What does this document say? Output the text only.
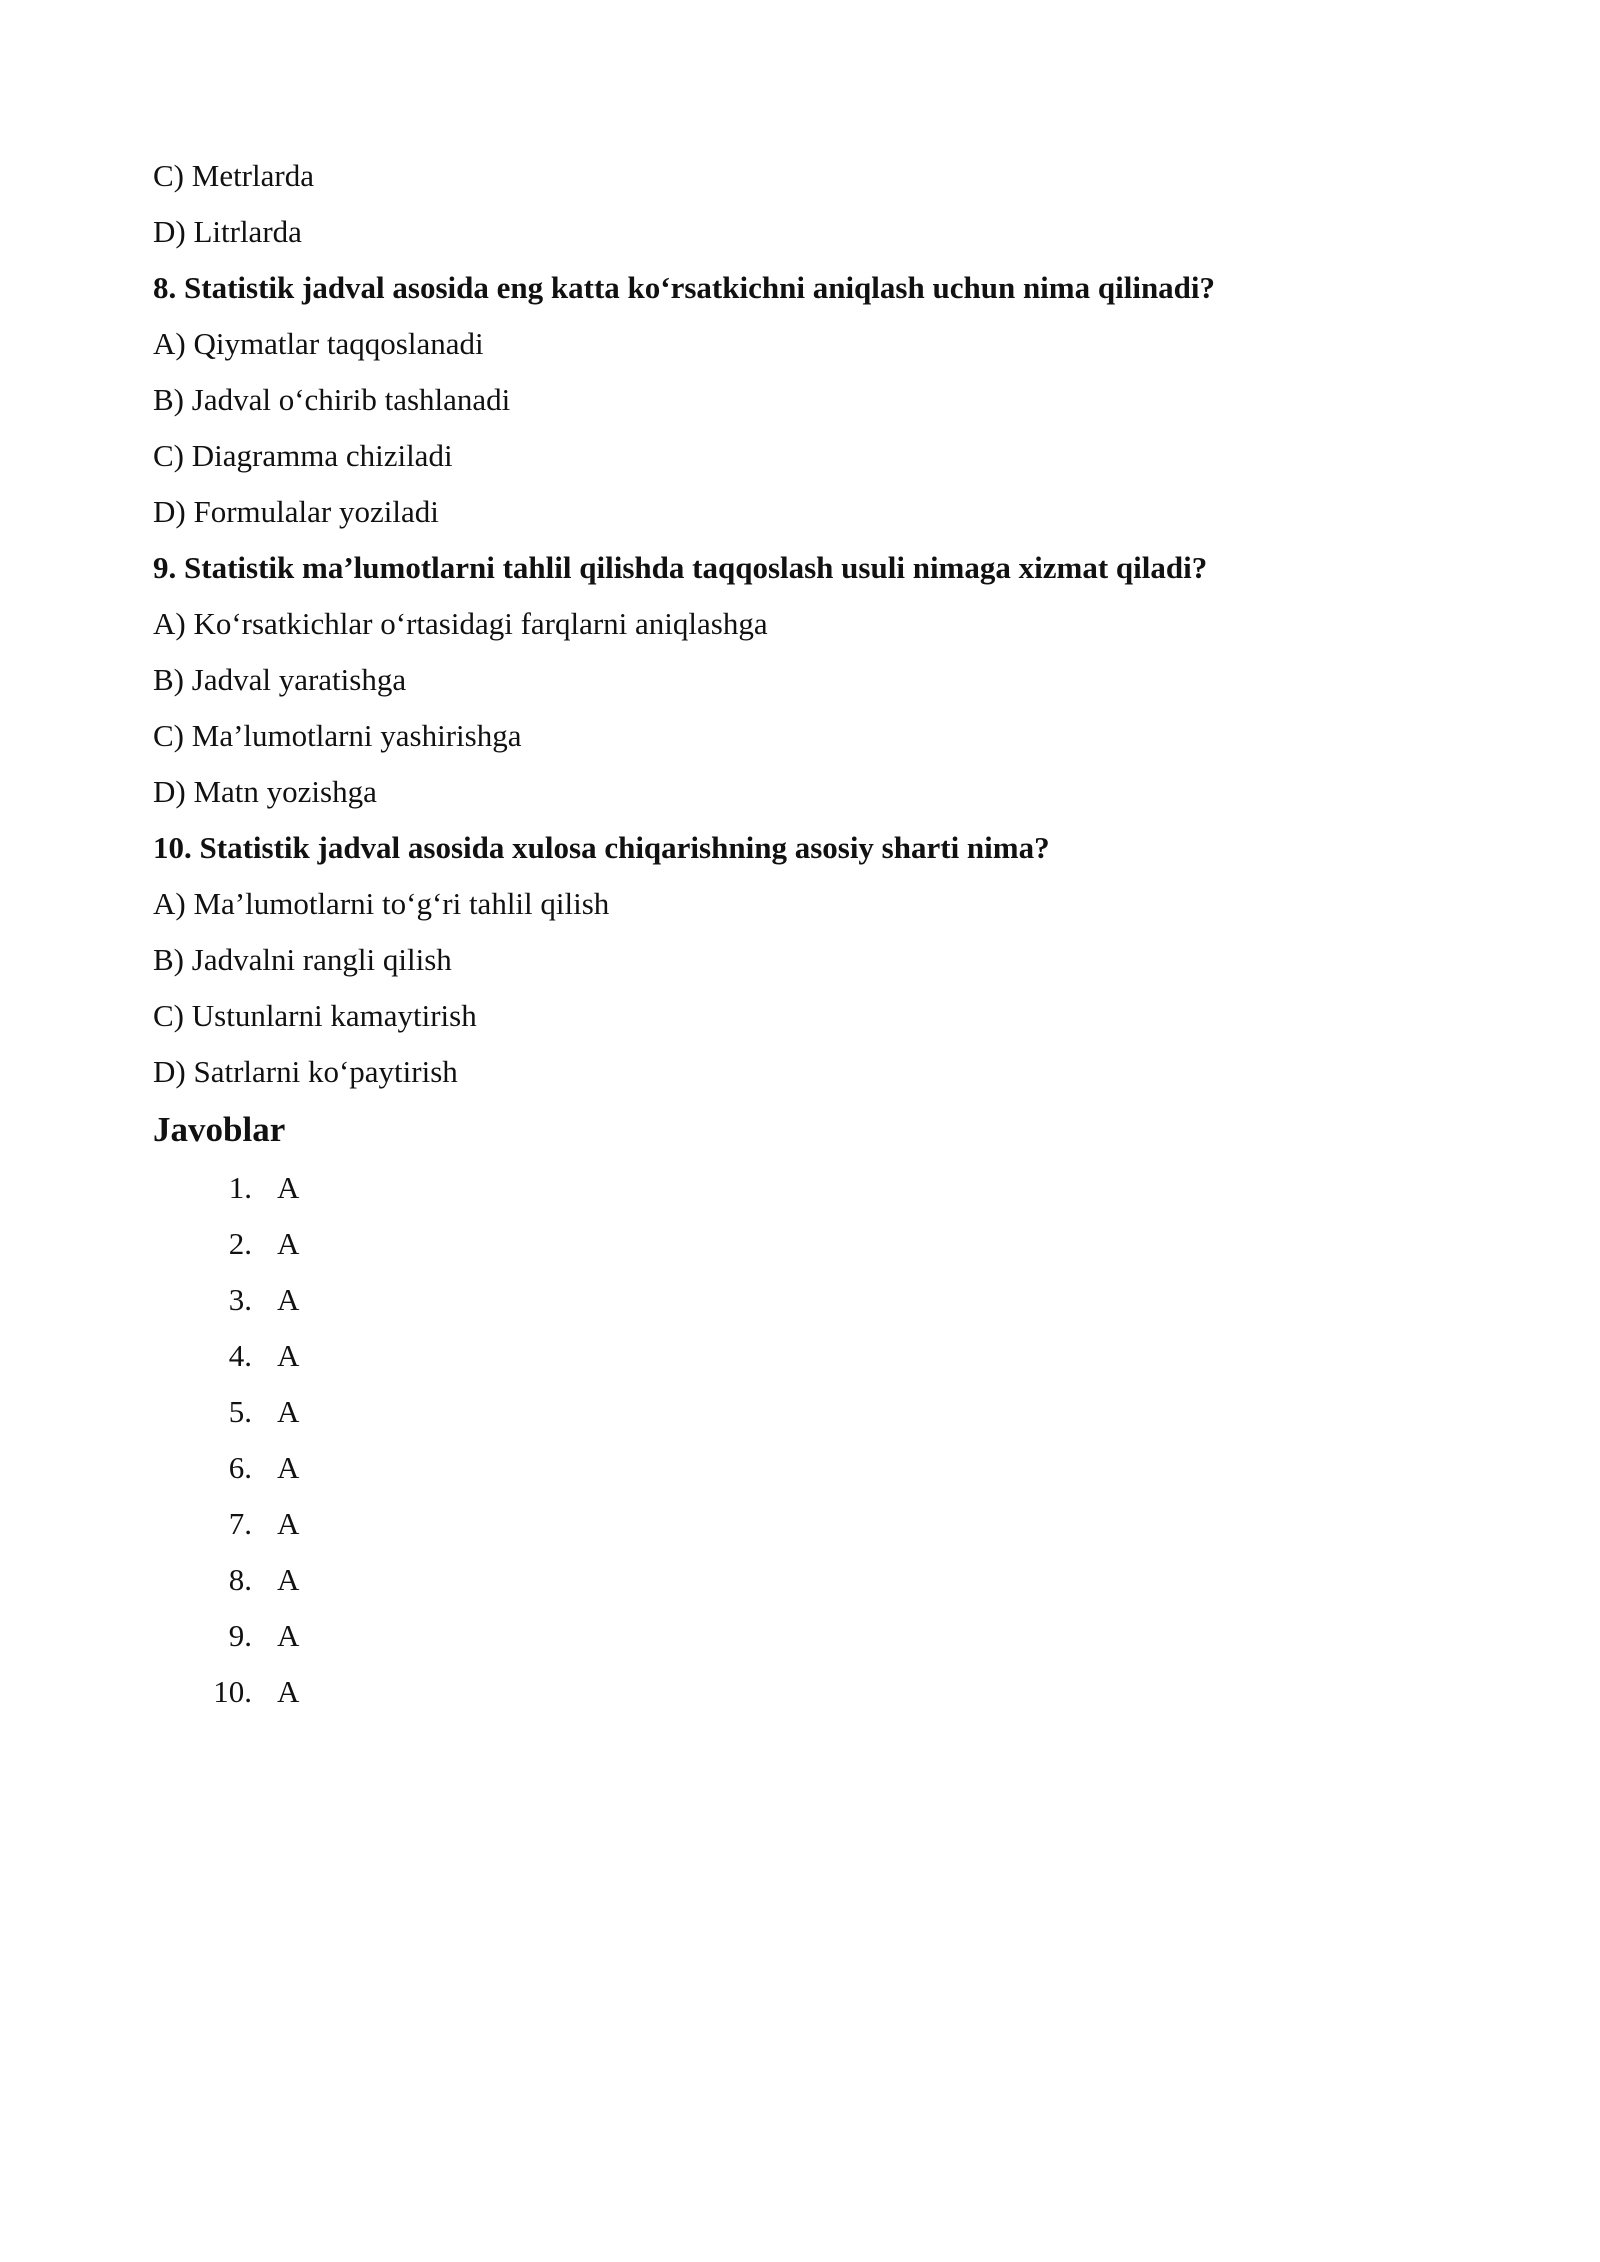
C) Metrlarda
D) Litrlarda
8. Statistik jadval asosida eng katta ko‘rsatkichni aniqlash uchun nima qilinadi?
A) Qiymatlar taqqoslanadi
B) Jadval o‘chirib tashlanadi
C) Diagramma chiziladi
D) Formulalar yoziladi
9. Statistik ma’lumotlarni tahlil qilishda taqqoslash usuli nimaga xizmat qiladi?
A) Ko‘rsatkichlar o‘rtasidagi farqlarni aniqlashga
B) Jadval yaratishga
C) Ma’lumotlarni yashirishga
D) Matn yozishga
10. Statistik jadval asosida xulosa chiqarishning asosiy sharti nima?
A) Ma’lumotlarni to‘g‘ri tahlil qilish
B) Jadvalni rangli qilish
C) Ustunlarni kamaytirish
D) Satrlarni ko‘paytirish
Javoblar
1. A
2. A
3. A
4. A
5. A
6. A
7. A
8. A
9. A
10. A
